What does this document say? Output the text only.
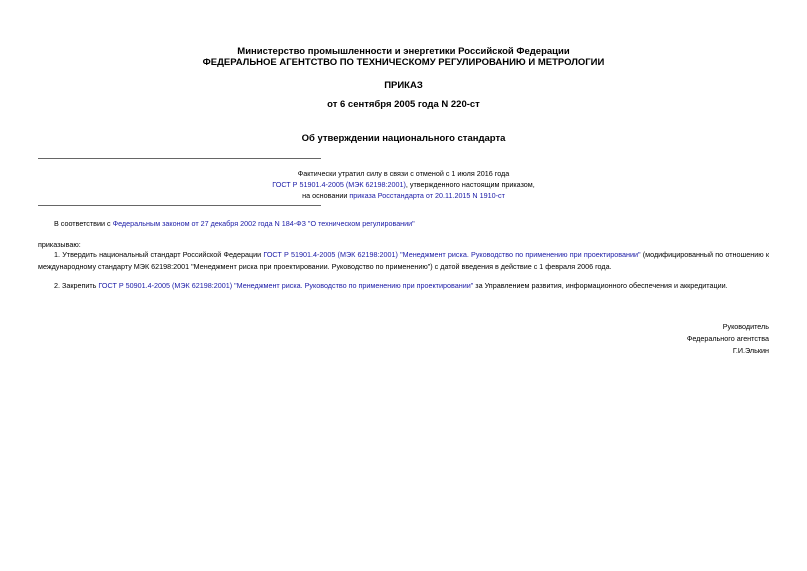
Министерство промышленности и энергетики Российской Федерации
ФЕДЕРАЛЬНОЕ АГЕНТСТВО ПО ТЕХНИЧЕСКОМУ РЕГУЛИРОВАНИЮ И МЕТРОЛОГИИ
ПРИКАЗ
от 6 сентября 2005 года N 220-ст
Об утверждении национального стандарта
Фактически утратил силу в связи с отменой с 1 июля 2016 года
ГОСТ Р 51901.4-2005 (МЭК 62198:2001), утвержденного настоящим приказом,
на основании приказа Росстандарта от 20.11.2015 N 1910-ст
В соответствии с Федеральным законом от 27 декабря 2002 года N 184-ФЗ "О техническом регулировании"
приказываю:
1. Утвердить национальный стандарт Российской Федерации ГОСТ Р 51901.4-2005 (МЭК 62198:2001) "Менеджмент риска. Руководство по применению при проектировании" (модифицированный по отношению к международному стандарту МЭК 62198:2001 "Менеджмент риска при проектировании. Руководство по применению") с датой введения в действие с 1 февраля 2006 года.
2. Закрепить ГОСТ Р 50901.4-2005 (МЭК 62198:2001) "Менеджмент риска. Руководство по применению при проектировании" за Управлением развития, информационного обеспечения и аккредитации.
Руководитель
Федерального агентства
Г.И.Элькин
